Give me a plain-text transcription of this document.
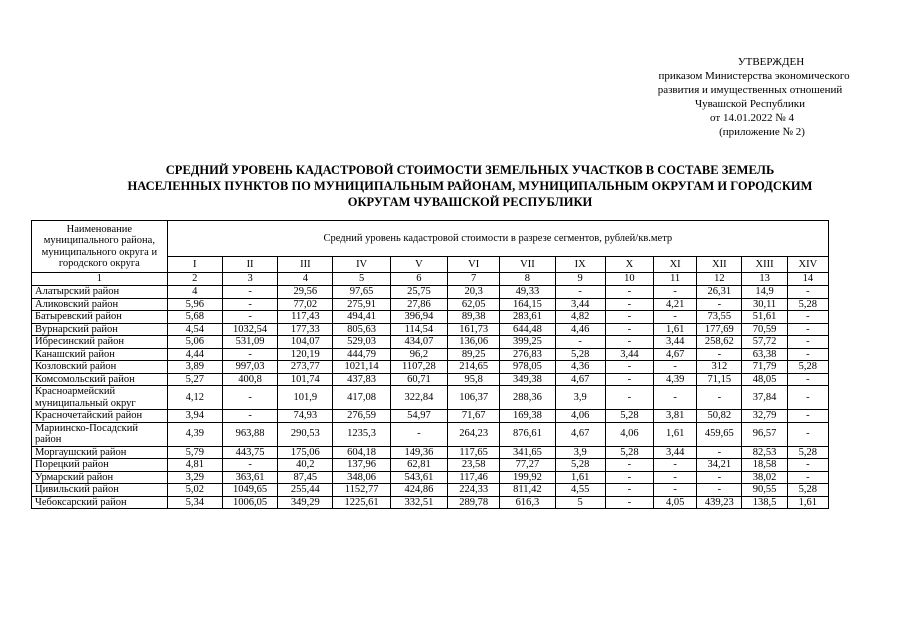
УТВЕРЖДЕН
приказом Министерства экономического
развития и имущественных отношений
Чувашской Республики
от 14.01.2022 № 4
(приложение № 2)
СРЕДНИЙ УРОВЕНЬ КАДАСТРОВОЙ СТОИМОСТИ ЗЕМЕЛЬНЫХ УЧАСТКОВ В СОСТАВЕ ЗЕМЕЛЬ
НАСЕЛЕННЫХ ПУНКТОВ ПО МУНИЦИПАЛЬНЫМ РАЙОНАМ, МУНИЦИПАЛЬНЫМ ОКРУГАМ И ГОРОДСКИМ
ОКРУГАМ ЧУВАШСКОЙ РЕСПУБЛИКИ
Наименование муниципального района, муниципального округа и городского округа	Средний уровень кадастровой стоимости в разрезе сегментов, рублей/кв.метр												
	I	II	III	IV	V	VI	VII	IX	X	XI	XII	XIII	XIV
1	2	3	4	5	6	7	8	9	10	11	12	13	14
Алатырский район	4	-	29,56	97,65	25,75	20,3	49,33	-	-	-	26,31	14,9	-
Аликовский район	5,96	-	77,02	275,91	27,86	62,05	164,15	3,44	-	4,21	-	30,11	5,28
Батыревский район	5,68	-	117,43	494,41	396,94	89,38	283,61	4,82	-	-	73,55	51,61	-
Вурнарский район	4,54	1032,54	177,33	805,63	114,54	161,73	644,48	4,46	-	1,61	177,69	70,59	-
Ибресинский район	5,06	531,09	104,07	529,03	434,07	136,06	399,25	-	-	3,44	258,62	57,72	-
Канашский район	4,44	-	120,19	444,79	96,2	89,25	276,83	5,28	3,44	4,67	-	63,38	-
Козловский район	3,89	997,03	273,77	1021,14	1107,28	214,65	978,05	4,36	-	-	312	71,79	5,28
Комсомольский район	5,27	400,8	101,74	437,83	60,71	95,8	349,38	4,67	-	4,39	71,15	48,05	-
Красноармейский муниципальный округ	4,12	-	101,9	417,08	322,84	106,37	288,36	3,9	-	-	-	37,84	-
Красночетайский район	3,94	-	74,93	276,59	54,97	71,67	169,38	4,06	5,28	3,81	50,82	32,79	-
Мариинско-Посадский район	4,39	963,88	290,53	1235,3	-	264,23	876,61	4,67	4,06	1,61	459,65	96,57	-
Моргаушский район	5,79	443,75	175,06	604,18	149,36	117,65	341,65	3,9	5,28	3,44	-	82,53	5,28
Порецкий район	4,81	-	40,2	137,96	62,81	23,58	77,27	5,28	-	-	34,21	18,58	-
Урмарский район	3,29	363,61	87,45	348,06	543,61	117,46	199,92	1,61	-	-	-	38,02	-
Цивильский район	5,02	1049,65	255,44	1152,77	424,86	224,33	811,42	4,55	-	-	-	90,55	5,28
Чебоксарский район	5,34	1006,05	349,29	1225,61	332,51	289,78	616,3	5	-	4,05	439,23	138,5	1,61
